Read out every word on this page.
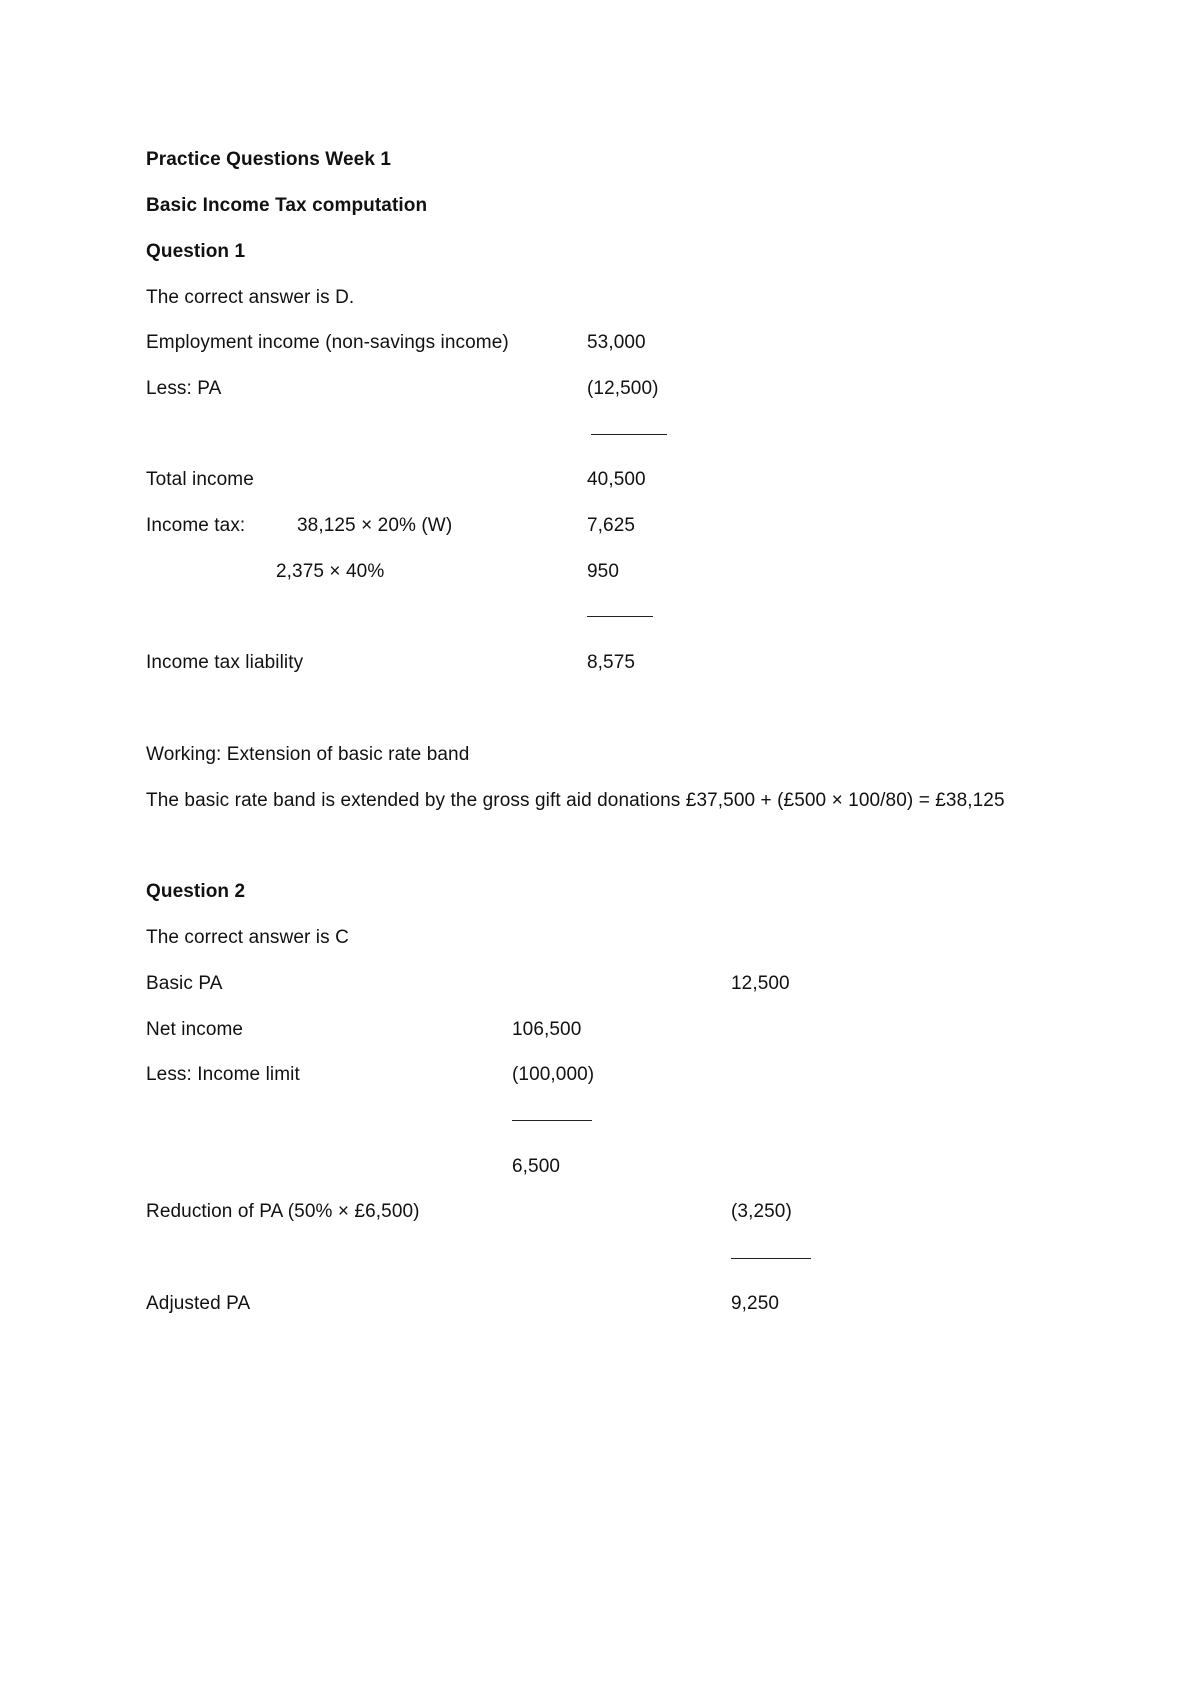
Practice Questions Week 1
Basic Income Tax computation
Question 1
The correct answer is D.
Employment income (non-savings income)	53,000
Less: PA	(12,500)
Total income	40,500
Income tax:	38,125 × 20% (W)	7,625
2,375 × 40%	950
Income tax liability	8,575
Working: Extension of basic rate band
The basic rate band is extended by the gross gift aid donations £37,500 + (£500 × 100/80) = £38,125
Question 2
The correct answer is C
Basic PA	12,500
Net income	106,500
Less: Income limit	(100,000)
6,500
Reduction of PA (50% × £6,500)	(3,250)
Adjusted PA	9,250
